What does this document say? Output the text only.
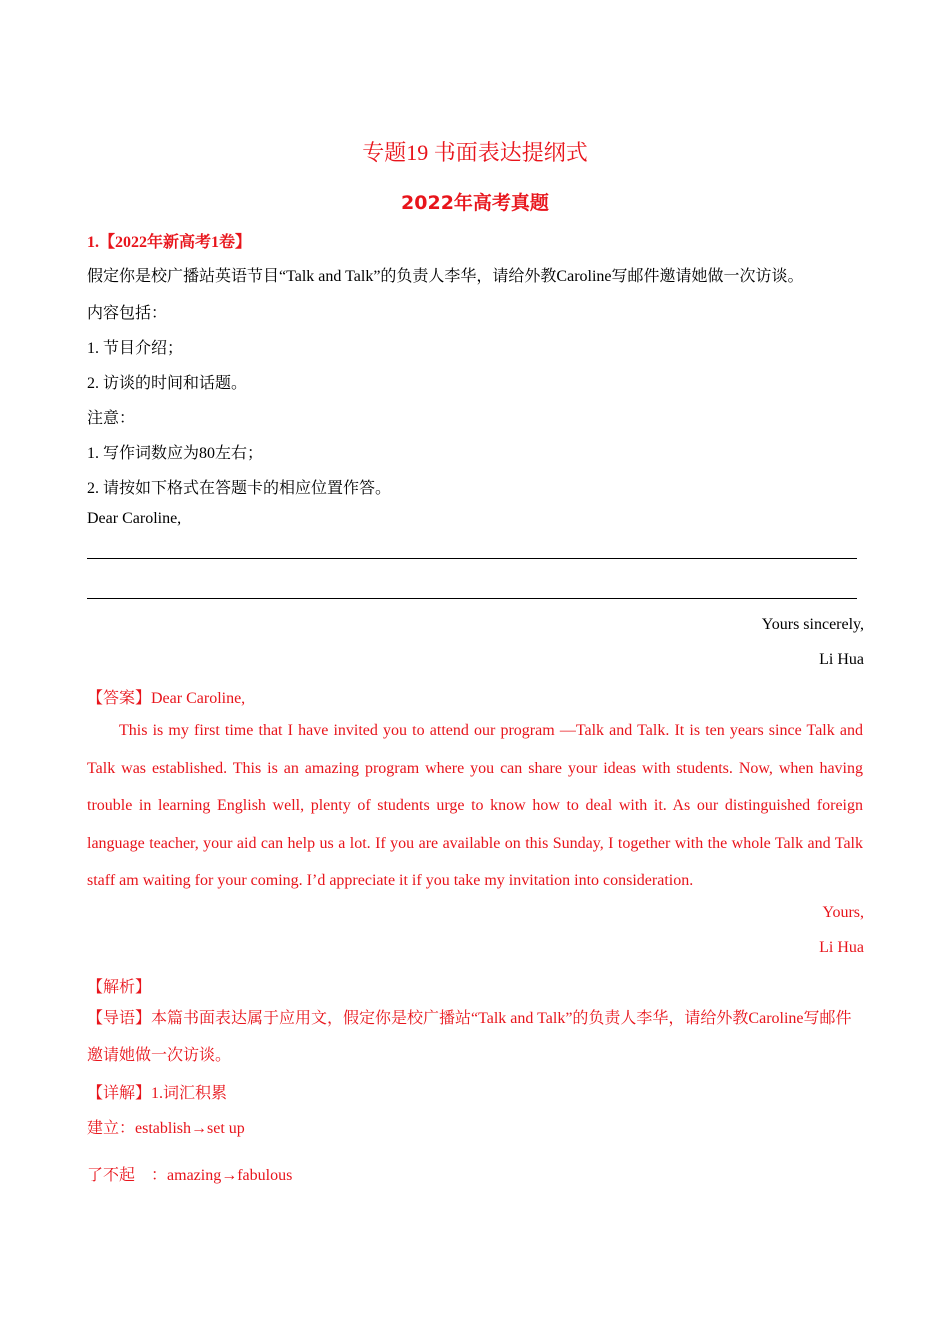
专题19 书面表达提纲式
2022年高考真题
1.【2022年新高考1卷】
假定你是校广播站英语节目“Talk and Talk”的负责人李华，请给外教Caroline写邮件邀请她做一次访谈。
内容包括：
1. 节目介绍；
2. 访谈的时间和话题。
注意：
1. 写作词数应为80左右；
2. 请按如下格式在答题卡的相应位置作答。
Dear Caroline,
Yours sincerely,
Li Hua
【答案】Dear Caroline,
This is my first time that I have invited you to attend our program —Talk and Talk. It is ten years since Talk and Talk was established. This is an amazing program where you can share your ideas with students. Now, when having trouble in learning English well, plenty of students urge to know how to deal with it. As our distinguished foreign language teacher, your aid can help us a lot. If you are available on this Sunday, I together with the whole Talk and Talk staff am waiting for your coming. I’d appreciate it if you take my invitation into consideration.
Yours,
Li Hua
【解析】
【导语】本篇书面表达属于应用文，假定你是校广播站“Talk and Talk”的负责人李华，请给外教Caroline写邮件邀请她做一次访谈。
【详解】1.词汇积累
建立：establish→set up
了不起　：amazing→fabulous
